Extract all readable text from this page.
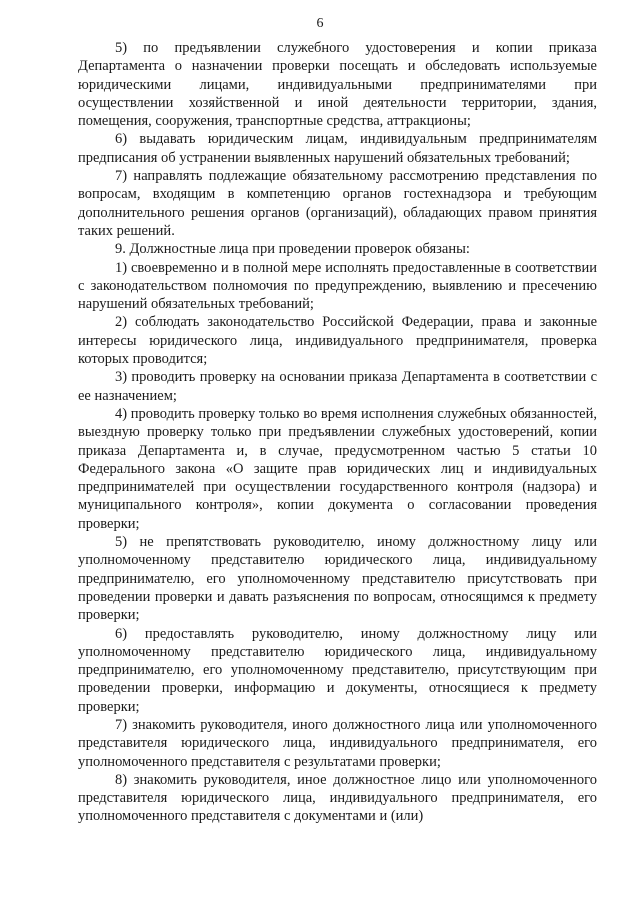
6

5) по предъявлении служебного удостоверения и копии приказа Департамента о назначении проверки посещать и обследовать используемые юридическими лицами, индивидуальными предпринимателями при осуществлении хозяйственной и иной деятельности территории, здания, помещения, сооружения, транспортные средства, аттракционы;

6) выдавать юридическим лицам, индивидуальным предпринимателям предписания об устранении выявленных нарушений обязательных требований;

7) направлять подлежащие обязательному рассмотрению представления по вопросам, входящим в компетенцию органов гостехнадзора и требующим дополнительного решения органов (организаций), обладающих правом принятия таких решений.

9. Должностные лица при проведении проверок обязаны:

1) своевременно и в полной мере исполнять предоставленные в соответствии с законодательством полномочия по предупреждению, выявлению и пресечению нарушений обязательных требований;

2) соблюдать законодательство Российской Федерации, права и законные интересы юридического лица, индивидуального предпринимателя, проверка которых проводится;

3) проводить проверку на основании приказа Департамента в соответствии с ее назначением;

4) проводить проверку только во время исполнения служебных обязанностей, выездную проверку только при предъявлении служебных удостоверений, копии приказа Департамента и, в случае, предусмотренном частью 5 статьи 10 Федерального закона «О защите прав юридических лиц и индивидуальных предпринимателей при осуществлении государственного контроля (надзора) и муниципального контроля», копии документа о согласовании проведения проверки;

5) не препятствовать руководителю, иному должностному лицу или уполномоченному представителю юридического лица, индивидуальному предпринимателю, его уполномоченному представителю присутствовать при проведении проверки и давать разъяснения по вопросам, относящимся к предмету проверки;

6) предоставлять руководителю, иному должностному лицу или уполномоченному представителю юридического лица, индивидуальному предпринимателю, его уполномоченному представителю, присутствующим при проведении проверки, информацию и документы, относящиеся к предмету проверки;

7) знакомить руководителя, иного должностного лица или уполномоченного представителя юридического лица, индивидуального предпринимателя, его уполномоченного представителя с результатами проверки;

8) знакомить руководителя, иное должностное лицо или уполномоченного представителя юридического лица, индивидуального предпринимателя, его уполномоченного представителя с документами и (или)
